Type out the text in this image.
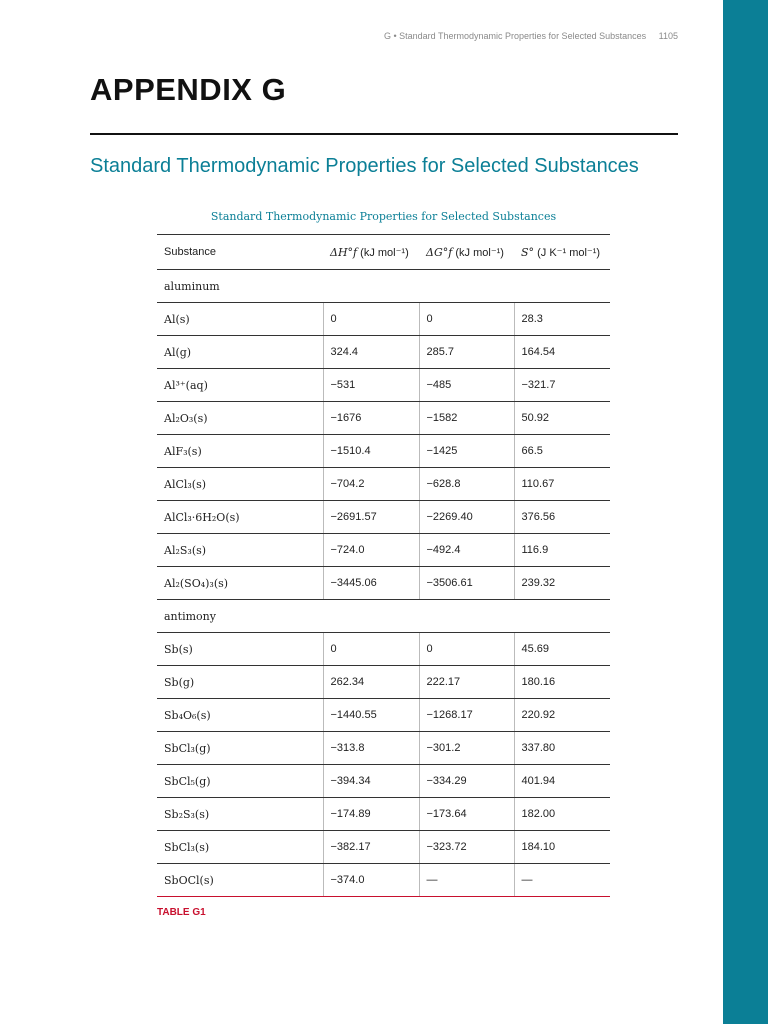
G • Standard Thermodynamic Properties for Selected Substances 1105
APPENDIX G
Standard Thermodynamic Properties for Selected Substances
Standard Thermodynamic Properties for Selected Substances
Substance	ΔH°f (kJ mol⁻¹)	ΔG°f (kJ mol⁻¹)	S° (J K⁻¹ mol⁻¹)
aluminum			
Al(s)	0	0	28.3
Al(g)	324.4	285.7	164.54
Al³⁺(aq)	−531	−485	−321.7
Al₂O₃(s)	−1676	−1582	50.92
AlF₃(s)	−1510.4	−1425	66.5
AlCl₃(s)	−704.2	−628.8	110.67
AlCl₃·6H₂O(s)	−2691.57	−2269.40	376.56
Al₂S₃(s)	−724.0	−492.4	116.9
Al₂(SO₄)₃(s)	−3445.06	−3506.61	239.32
antimony			
Sb(s)	0	0	45.69
Sb(g)	262.34	222.17	180.16
Sb₄O₆(s)	−1440.55	−1268.17	220.92
SbCl₃(g)	−313.8	−301.2	337.80
SbCl₅(g)	−394.34	−334.29	401.94
Sb₂S₃(s)	−174.89	−173.64	182.00
SbCl₃(s)	−382.17	−323.72	184.10
SbOCl(s)	−374.0	—	—
TABLE G1
